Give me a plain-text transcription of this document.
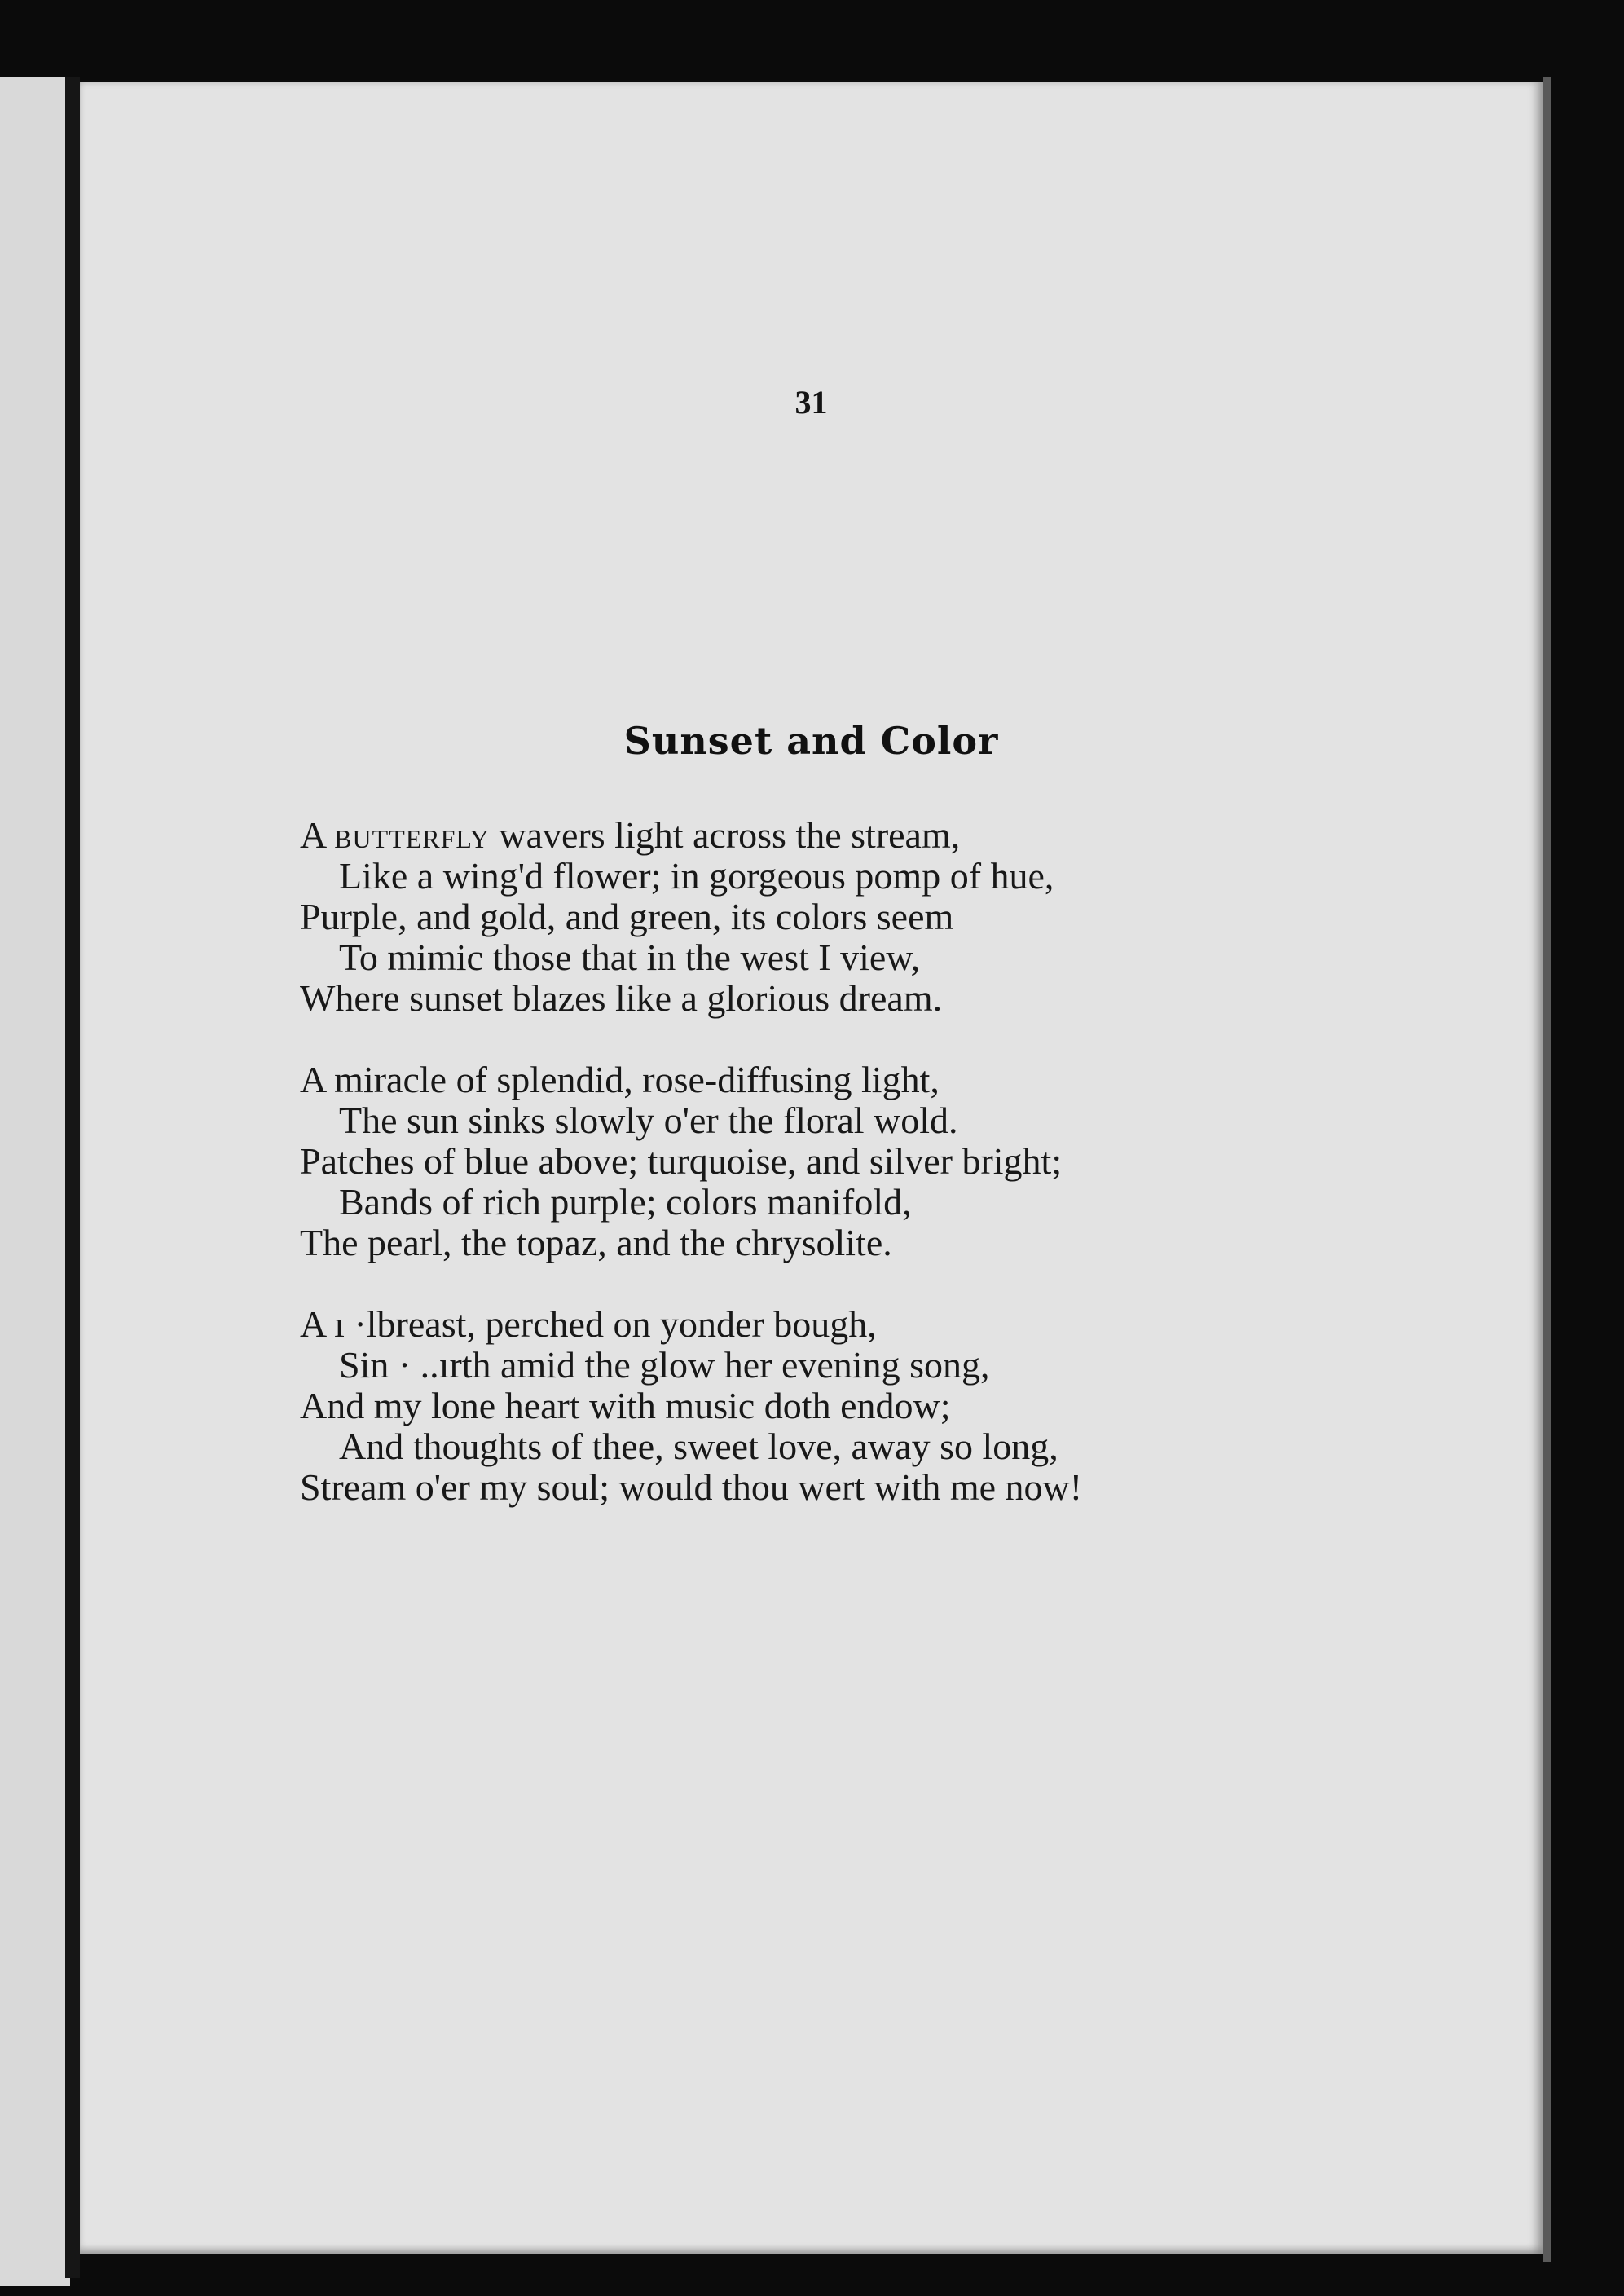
31
Sunset and Color
A butterfly wavers light across the stream,
Like a wing'd flower; in gorgeous pomp of hue,
Purple, and gold, and green, its colors seem
To mimic those that in the west I view,
Where sunset blazes like a glorious dream.
A miracle of splendid, rose-diffusing light,
The sun sinks slowly o'er the floral wold.
Patches of blue above; turquoise, and silver bright;
Bands of rich purple; colors manifold,
The pearl, the topaz, and the chrysolite.
A ı ·lbreast, perched on yonder bough,
Sin · ..ırth amid the glow her evening song,
And my lone heart with music doth endow;
And thoughts of thee, sweet love, away so long,
Stream o'er my soul; would thou wert with me now!
